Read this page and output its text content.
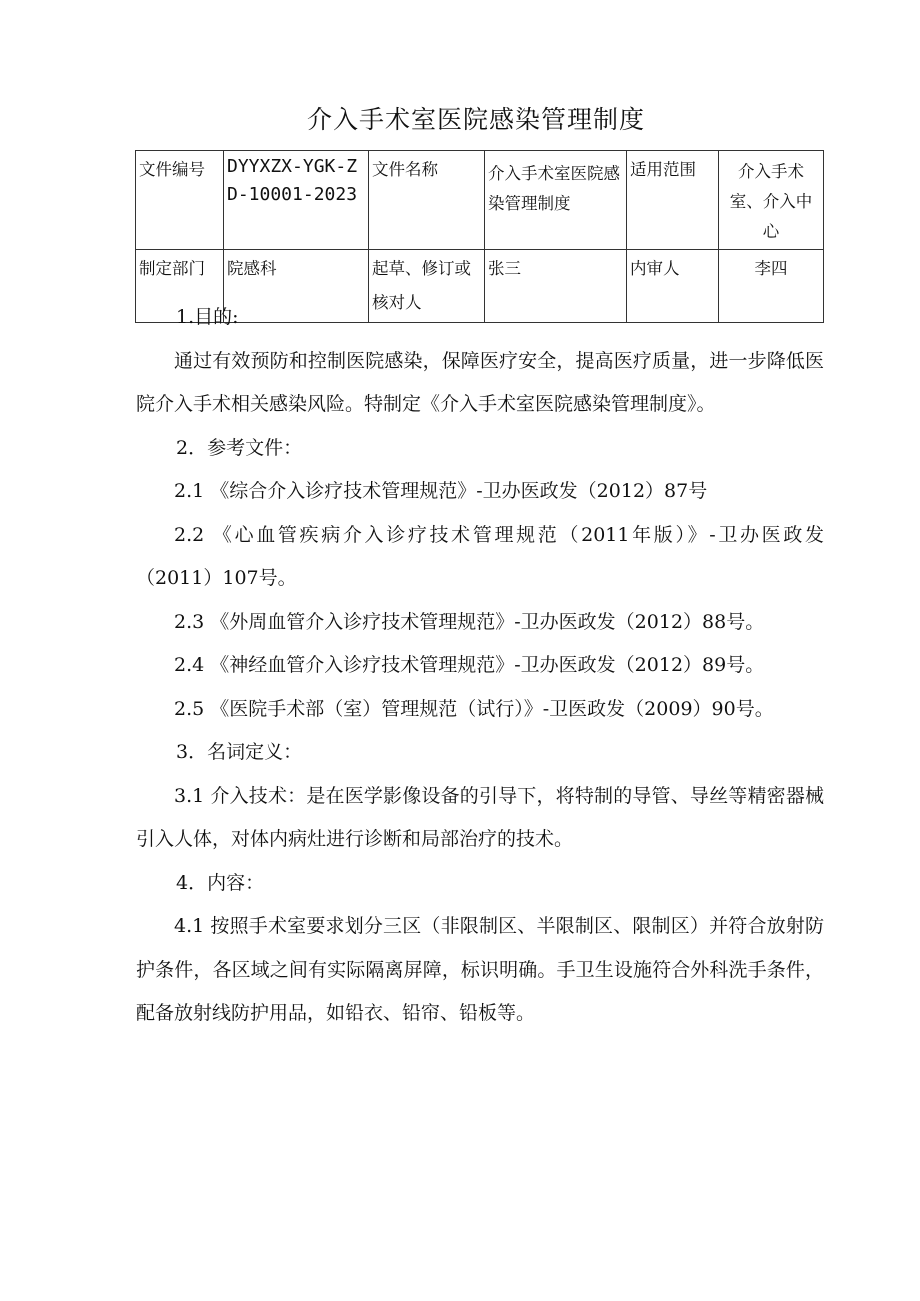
介入手术室医院感染管理制度
文件编号	DYYXZX-YGK-ZD-10001-2023	文件名称	介入手术室医院感染管理制度	适用范围	介入手术室、介入中心
制定部门	院感科	起草、修订或核对人	张三	内审人	李四

1.目的:

通过有效预防和控制医院感染，保障医疗安全，提高医疗质量，进一步降低医院介入手术相关感染风险。特制定《介入手术室医院感染管理制度》。

2．参考文件：

2.1 《综合介入诊疗技术管理规范》-卫办医政发（2012）87号

2.2 《心血管疾病介入诊疗技术管理规范（2011年版）》-卫办医政发（2011）107号。

2.3 《外周血管介入诊疗技术管理规范》-卫办医政发（2012）88号。

2.4 《神经血管介入诊疗技术管理规范》-卫办医政发（2012）89号。

2.5 《医院手术部（室）管理规范（试行）》-卫医政发（2009）90号。

3．名词定义：

3.1 介入技术：是在医学影像设备的引导下，将特制的导管、导丝等精密器械引入人体，对体内病灶进行诊断和局部治疗的技术。

4．内容：

4.1 按照手术室要求划分三区（非限制区、半限制区、限制区）并符合放射防护条件，各区域之间有实际隔离屏障，标识明确。手卫生设施符合外科洗手条件，配备放射线防护用品，如铅衣、铅帘、铅板等。
